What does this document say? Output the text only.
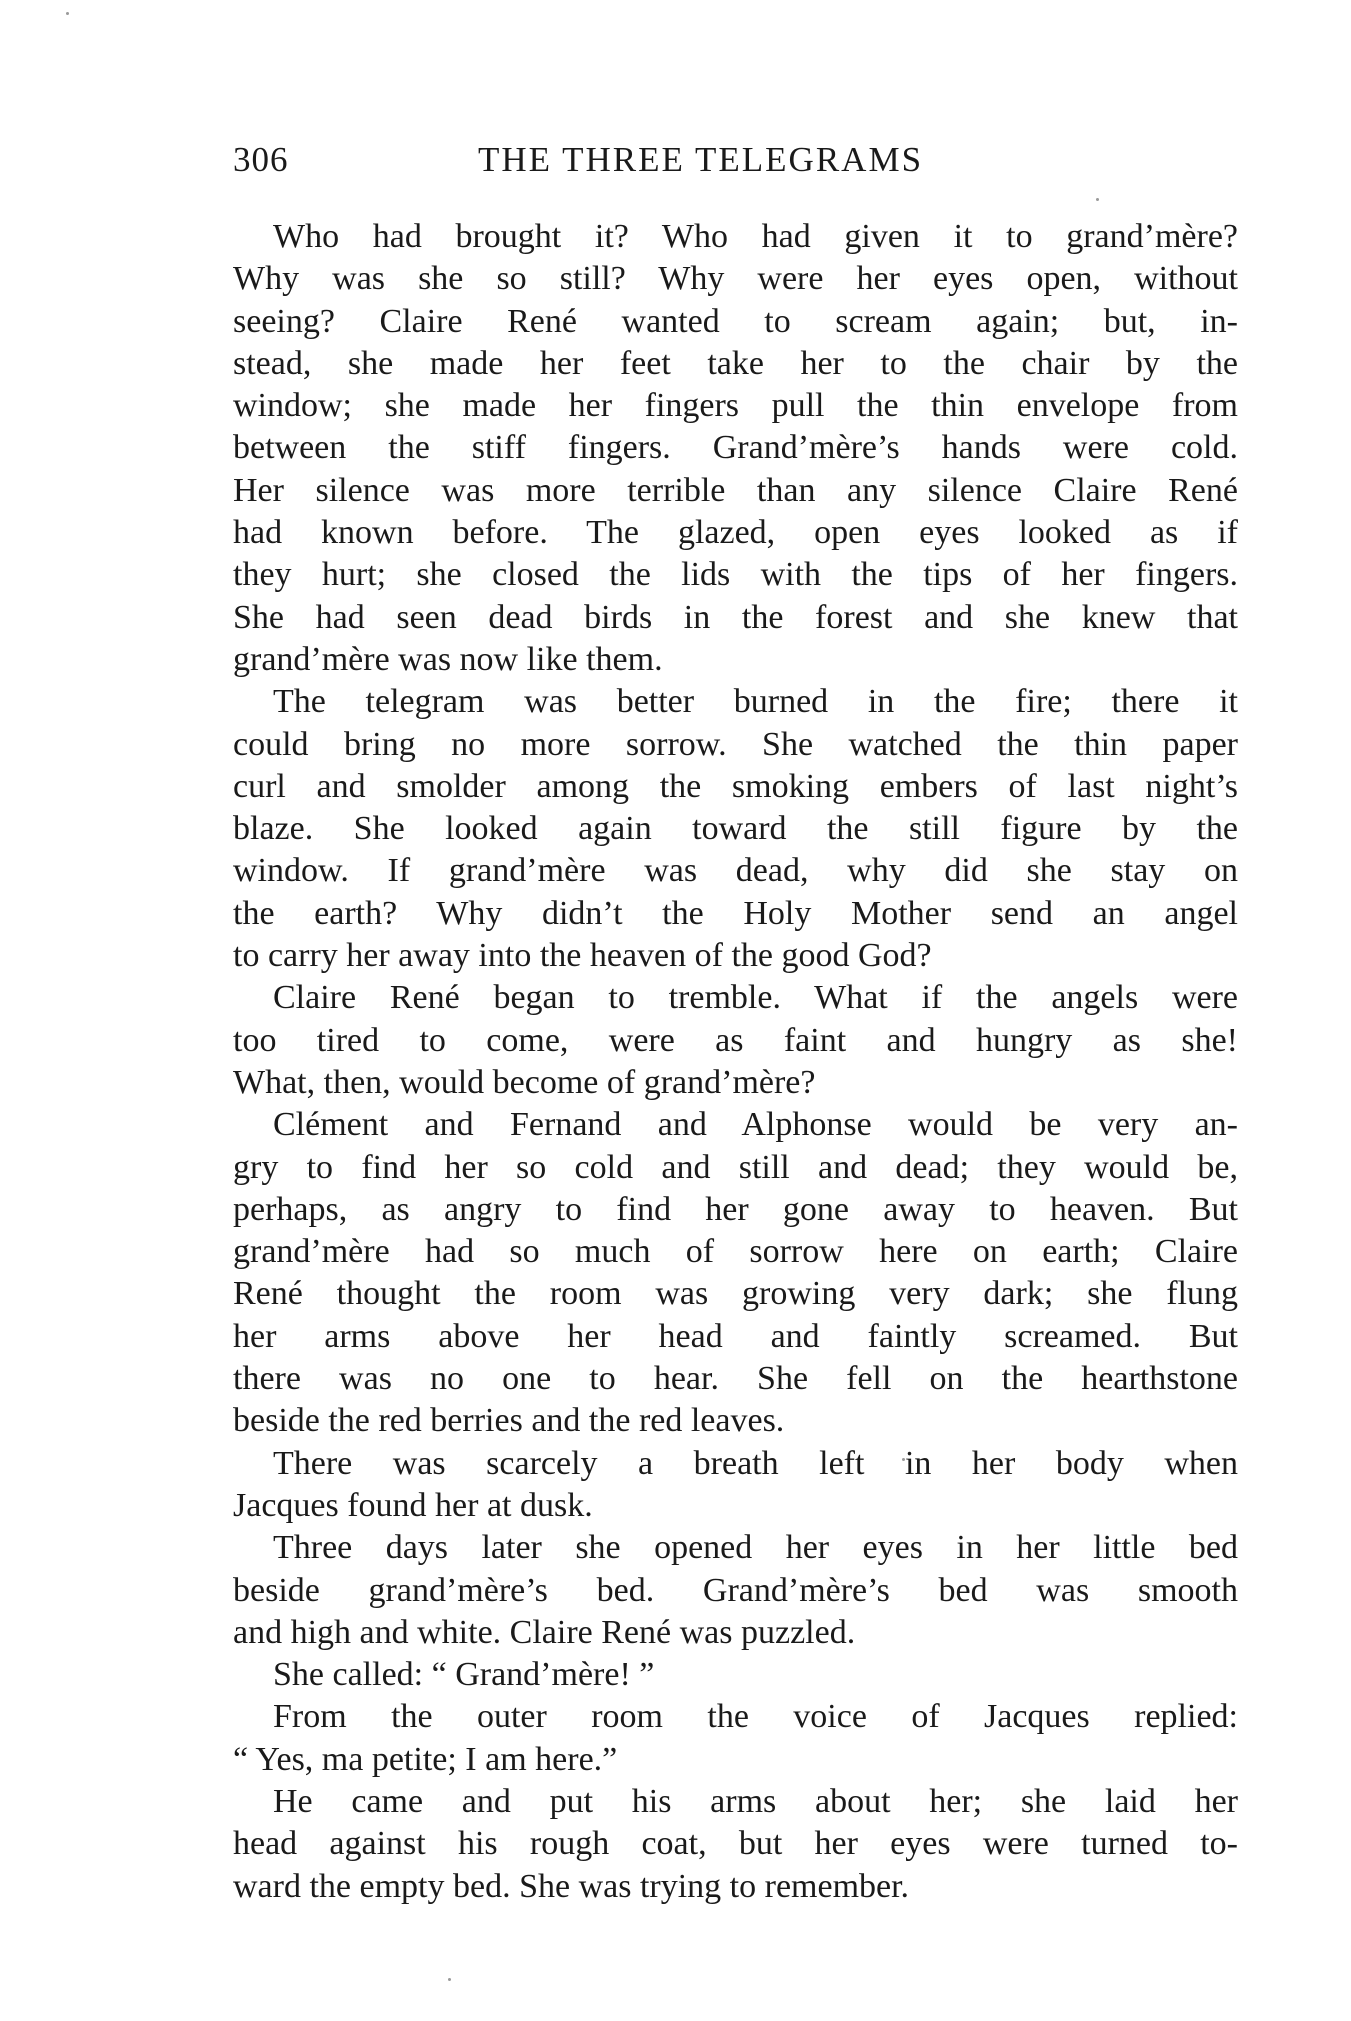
306	THE THREE TELEGRAMS
Who had brought it? Who had given it to grand’mère?
Why was she so still? Why were her eyes open, without
seeing? Claire René wanted to scream again; but, in-
stead, she made her feet take her to the chair by the
window; she made her fingers pull the thin envelope from
between the stiff fingers. Grand’mère’s hands were cold.
Her silence was more terrible than any silence Claire René
had known before. The glazed, open eyes looked as if
they hurt; she closed the lids with the tips of her fingers.
She had seen dead birds in the forest and she knew that
grand’mère was now like them.
The telegram was better burned in the fire; there it
could bring no more sorrow. She watched the thin paper
curl and smolder among the smoking embers of last night’s
blaze. She looked again toward the still figure by the
window. If grand’mère was dead, why did she stay on
the earth? Why didn’t the Holy Mother send an angel
to carry her away into the heaven of the good God?
Claire René began to tremble. What if the angels were
too tired to come, were as faint and hungry as she!
What, then, would become of grand’mère?
Clément and Fernand and Alphonse would be very an-
gry to find her so cold and still and dead; they would be,
perhaps, as angry to find her gone away to heaven. But
grand’mère had so much of sorrow here on earth; Claire
René thought the room was growing very dark; she flung
her arms above her head and faintly screamed. But
there was no one to hear. She fell on the hearthstone
beside the red berries and the red leaves.
There was scarcely a breath left in her body when
Jacques found her at dusk.
Three days later she opened her eyes in her little bed
beside grand’mère’s bed. Grand’mère’s bed was smooth
and high and white. Claire René was puzzled.
She called: “ Grand’mère! ”
From the outer room the voice of Jacques replied:
“ Yes, ma petite; I am here.”
He came and put his arms about her; she laid her
head against his rough coat, but her eyes were turned to-
ward the empty bed. She was trying to remember.
